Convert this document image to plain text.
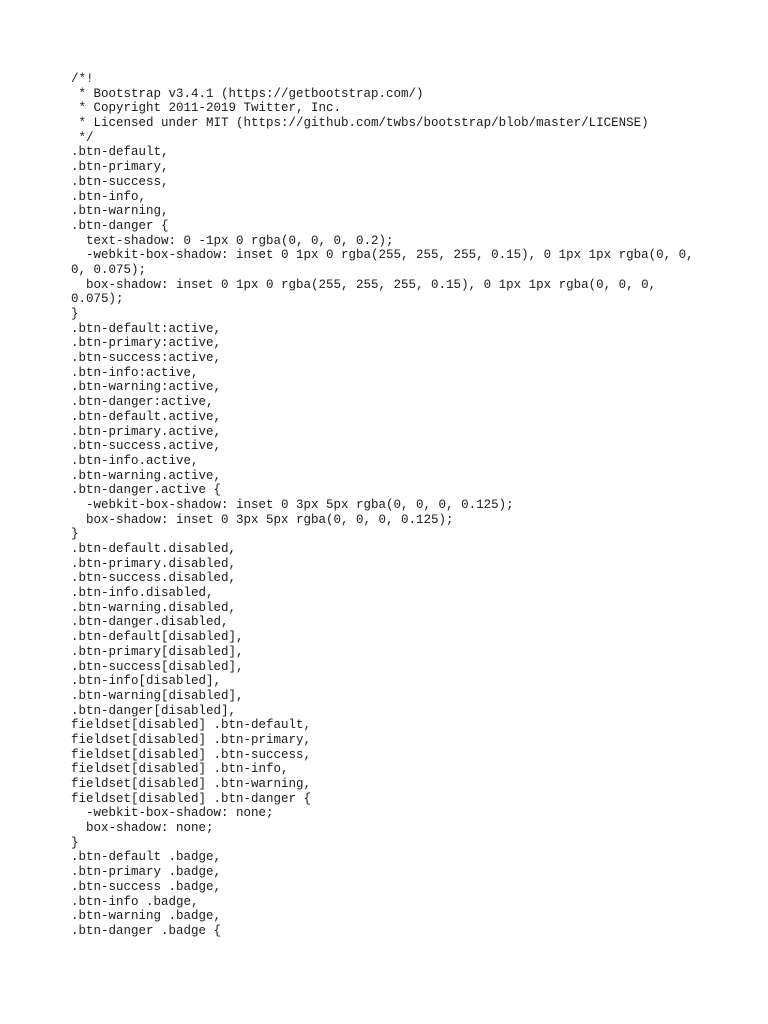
/*!
* Bootstrap v3.4.1 (https://getbootstrap.com/)
* Copyright 2011-2019 Twitter, Inc.
* Licensed under MIT (https://github.com/twbs/bootstrap/blob/master/LICENSE)
*/
.btn-default,
.btn-primary,
.btn-success,
.btn-info,
.btn-warning,
.btn-danger {
text-shadow: 0 -1px 0 rgba(0, 0, 0, 0.2);
-webkit-box-shadow: inset 0 1px 0 rgba(255, 255, 255, 0.15), 0 1px 1px rgba(0, 0,
0, 0.075);
box-shadow: inset 0 1px 0 rgba(255, 255, 255, 0.15), 0 1px 1px rgba(0, 0, 0,
0.075);
}
.btn-default:active,
.btn-primary:active,
.btn-success:active,
.btn-info:active,
.btn-warning:active,
.btn-danger:active,
.btn-default.active,
.btn-primary.active,
.btn-success.active,
.btn-info.active,
.btn-warning.active,
.btn-danger.active {
-webkit-box-shadow: inset 0 3px 5px rgba(0, 0, 0, 0.125);
box-shadow: inset 0 3px 5px rgba(0, 0, 0, 0.125);
}
.btn-default.disabled,
.btn-primary.disabled,
.btn-success.disabled,
.btn-info.disabled,
.btn-warning.disabled,
.btn-danger.disabled,
.btn-default[disabled],
.btn-primary[disabled],
.btn-success[disabled],
.btn-info[disabled],
.btn-warning[disabled],
.btn-danger[disabled],
fieldset[disabled] .btn-default,
fieldset[disabled] .btn-primary,
fieldset[disabled] .btn-success,
fieldset[disabled] .btn-info,
fieldset[disabled] .btn-warning,
fieldset[disabled] .btn-danger {
-webkit-box-shadow: none;
box-shadow: none;
}
.btn-default .badge,
.btn-primary .badge,
.btn-success .badge,
.btn-info .badge,
.btn-warning .badge,
.btn-danger .badge {
